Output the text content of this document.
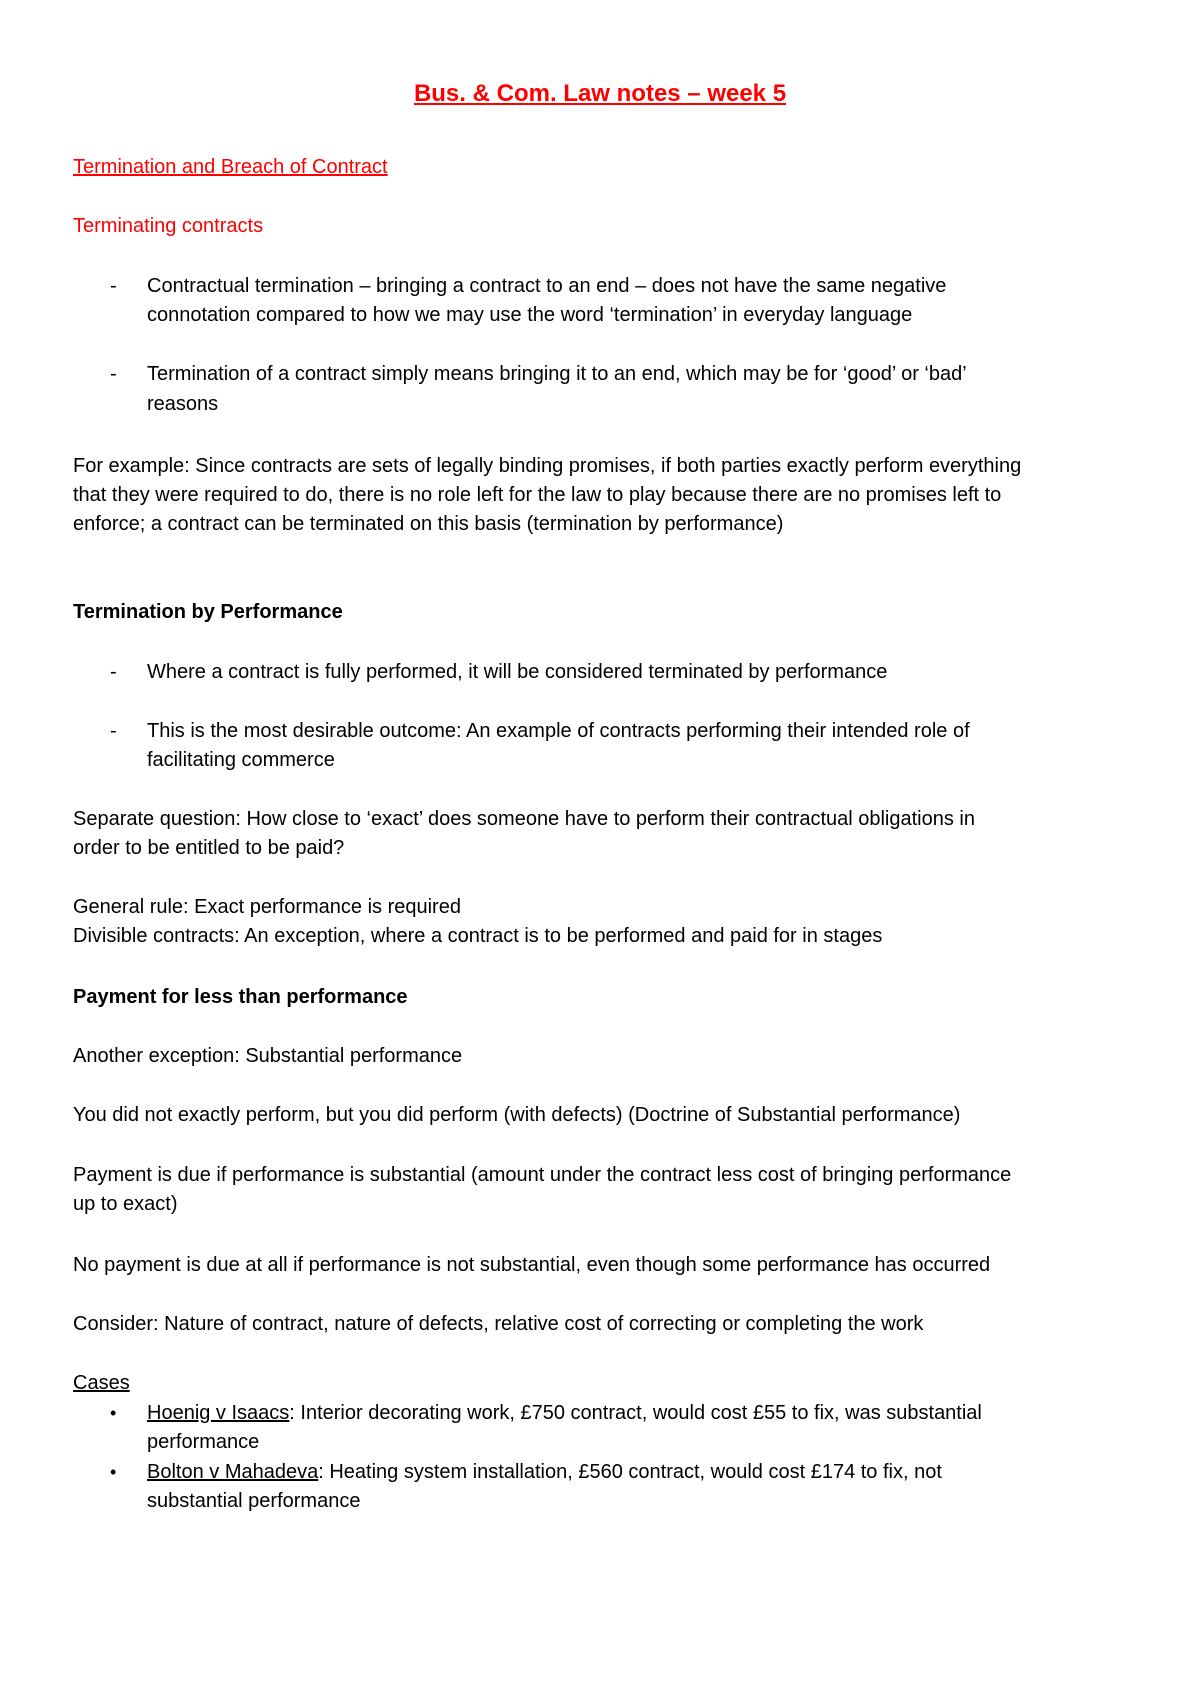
Bus. & Com. Law notes – week 5

Termination and Breach of Contract

Terminating contracts

- Contractual termination – bringing a contract to an end – does not have the same negative

connotation compared to how we may use the word ‘termination’ in everyday language

- Termination of a contract simply means bringing it to an end, which may be for ‘good’ or ‘bad’

reasons

For example: Since contracts are sets of legally binding promises, if both parties exactly perform everything

that they were required to do, there is no role left for the law to play because there are no promises left to

enforce; a contract can be terminated on this basis (termination by performance)

Termination by Performance

- Where a contract is fully performed, it will be considered terminated by performance

- This is the most desirable outcome: An example of contracts performing their intended role of

facilitating commerce

Separate question: How close to ‘exact’ does someone have to perform their contractual obligations in

order to be entitled to be paid?

General rule: Exact performance is required

Divisible contracts: An exception, where a contract is to be performed and paid for in stages

Payment for less than performance

Another exception: Substantial performance

You did not exactly perform, but you did perform (with defects) (Doctrine of Substantial performance)

Payment is due if performance is substantial (amount under the contract less cost of bringing performance

up to exact)

No payment is due at all if performance is not substantial, even though some performance has occurred

Consider: Nature of contract, nature of defects, relative cost of correcting or completing the work

Cases

• Hoenig v Isaacs: Interior decorating work, £750 contract, would cost £55 to fix, was substantial

performance

• Bolton v Mahadeva: Heating system installation, £560 contract, would cost £174 to fix, not

substantial performance
